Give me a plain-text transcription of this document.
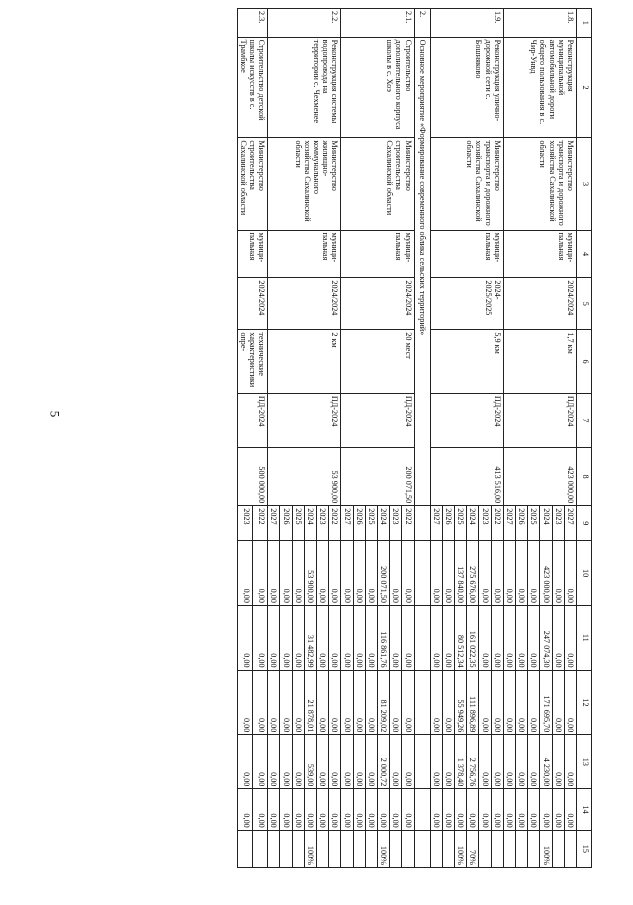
5
1	2	3	4	5	6	7	8	9	10	11	12	13	14	15
1.8.	Реконструкция муниципальной автомобильной дороги общего пользования в с. Чир-Унвд	Министерство транспорта и дорожного хозяйства Сахалинской области	муници-пальная	2024/2024	1,7 км	ПД-2024	423 000,00	2027	0,00	0,00	0,00	0,00	0,00	
								2023	0,00	0,00	0,00	0,00	0,00	
								2024	423 000,00	247 074,30	171 695,70	4 230,00	0,00	100%
								2025	0,00	0,00	0,00	0,00	0,00	
								2026	0,00	0,00	0,00	0,00	0,00	
								2027	0,00	0,00	0,00	0,00	0,00	
1.9.	Реконструкция улично-дорожной сети с. Бошняково	Министерство транспорта и дорожного хозяйства Сахалинской области	муници-пальная	2024-2025/2025	5,9 км	ПД-2024	413 516,00	2022	0,00	0,00	0,00	0,00	0,00	
								2023	0,00	0,00	0,00	0,00	0,00	
								2024	275 676,00	161 022,35	111 896,89	2 756,76	0,00	70%
								2025	137 840,00	80 512,34	55 949,26	1 378,40	0,00	100%
								2026	0,00	0,00	0,00	0,00	0,00	
								2027	0,00	0,00	0,00	0,00	0,00	
2.	Основное мероприятие «Формирование современного облика сельских территорий»													
2.1.	Строительство дополнительного корпуса школы в с. Хоэ	Министерство строительства Сахалинской области	муници-пальная	2024/2024	20 мест	ПД-2024	200 071,50	2022	0,00	0,00	0,00	0,00	0,00	
								2023	0,00	0,00	0,00	0,00	0,00	
								2024	200 071,50	116 861,76	81 209,02	2 000,72	0,00	100%
								2025	0,00	0,00	0,00	0,00	0,00	
								2026	0,00	0,00	0,00	0,00	0,00	
								2027	0,00	0,00	0,00	0,00	0,00	
2.2.	Реконструкция системы водопровода на территории с. Чехменее	Министерство жилищно-коммунального хозяйства Сахалинской области	муници-пальная	2024/2024	2 км	ПД-2024	53 900,00	2022	0,00	0,00	0,00	0,00	0,00	
								2023	0,00	0,00	0,00	0,00	0,00	
								2024	53 900,00	31 482,99	21 878,01	539,00	0,00	100%
								2025	0,00	0,00	0,00	0,00	0,00	
								2026	0,00	0,00	0,00	0,00	0,00	
								2027	0,00	0,00	0,00	0,00	0,00	
2.3.	Строительство детской школы искусств в с. Трамбкое	Министерство строительства Сахалинской области	муници-пальная	2024/2024	технические характеристики опре-	ПД-2024	500 000,00	2022	0,00	0,00	0,00	0,00	0,00	
								2023	0,00	0,00	0,00	0,00	0,00	
